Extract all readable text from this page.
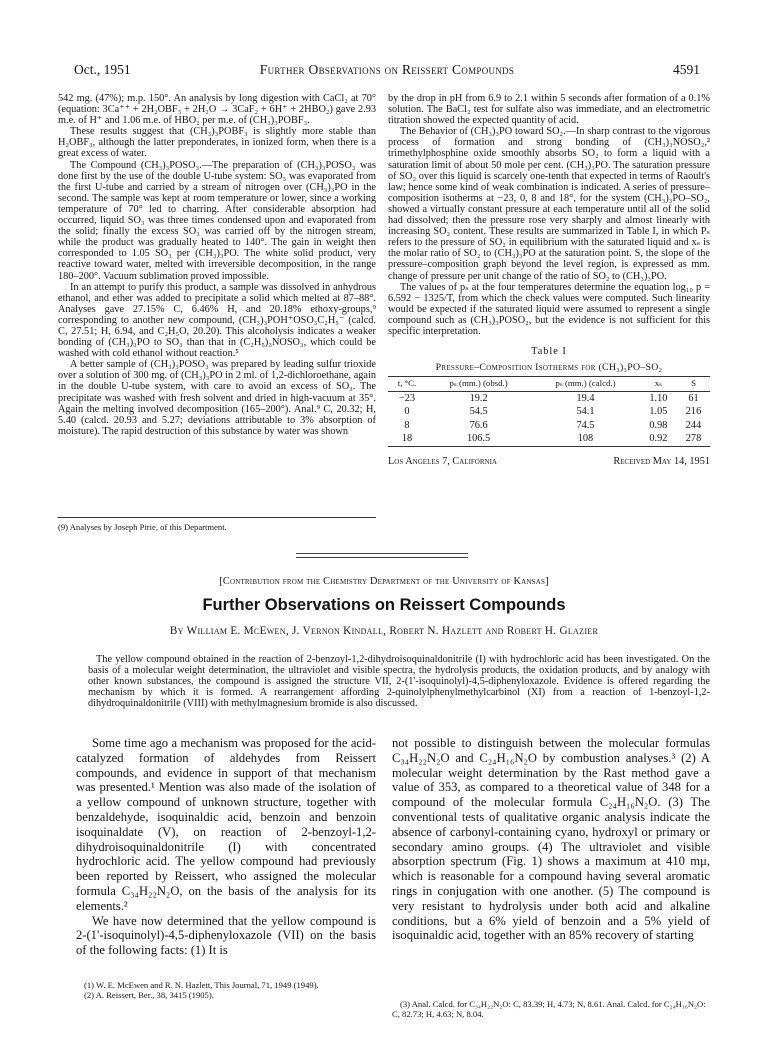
Oct., 1951	Further Observations on Reissert Compounds	4591

542 mg. (47%); m.p. 150°. An analysis by long digestion with CaCl₂ at 70° (equation: 3Ca⁺⁺ + 2H₂OBF₃ + 2H₂O → 3CaF₂ + 6H⁺ + 2HBO₂) gave 2.93 m.e. of H⁺ and 1.06 m.e. of HBO₂ per m.e. of (CH₃)₃POBF₃.

These results suggest that (CH₃)₃POBF₃ is slightly more stable than H₂OBF₃, although the latter preponderates, in ionized form, when there is a great excess of water.

The Compound (CH₃)₃POSO₃.—The preparation of (CH₃)₃POSO₃ was done first by the use of the double U-tube system: SO₃ was evaporated from the first U-tube and carried by a stream of nitrogen over (CH₃)₃PO in the second. The sample was kept at room temperature or lower, since a working temperature of 70° led to charring. After considerable absorption had occurred, liquid SO₃ was three times condensed upon and evaporated from the solid; finally the excess SO₃ was carried off by the nitrogen stream, while the product was gradually heated to 140°. The gain in weight then corresponded to 1.05 SO₃ per (CH₃)₃PO. The white solid product, very reactive toward water, melted with irreversible decomposition, in the range 180–200°. Vacuum sublimation proved impossible.

In an attempt to purify this product, a sample was dissolved in anhydrous ethanol, and ether was added to precipitate a solid which melted at 87–88°. Analyses gave 27.15% C, 6.46% H, and 20.18% ethoxy-groups,⁹ corresponding to another new compound, (CH₃)₃POH⁺OSO₃C₂H₅⁻ (calcd. C, 27.51; H, 6.94, and C₂H₅O, 20.20). This alcoholysis indicates a weaker bonding of (CH₃)₃PO to SO₃ than that in (C₂H₅)₃NOSO₃, which could be washed with cold ethanol without reaction.⁵

A better sample of (CH₃)₃POSO₃ was prepared by leading sulfur trioxide over a solution of 300 mg. of (CH₃)₃PO in 2 ml. of 1,2-dichloroethane, again in the double U-tube system, with care to avoid an excess of SO₃. The precipitate was washed with fresh solvent and dried in high-vacuum at 35°. Again the melting involved decomposition (165–200°). Anal.⁹ C, 20.32; H, 5.40 (calcd. 20.93 and 5.27; deviations attributable to 3% absorption of moisture). The rapid destruction of this substance by water was shown

(9) Analyses by Joseph Pirie, of this Department.

by the drop in pH from 6.9 to 2.1 within 5 seconds after formation of a 0.1% solution. The BaCl₂ test for sulfate also was immediate, and an electrometric titration showed the expected quantity of acid.

The Behavior of (CH₃)₃PO toward SO₂.—In sharp contrast to the vigorous process of formation and strong bonding of (CH₃)₃NOSO₂,² trimethylphosphine oxide smoothly absorbs SO₂ to form a liquid with a saturation limit of about 50 mole per cent. (CH₃)₃PO. The saturation pressure of SO₂ over this liquid is scarcely one-tenth that expected in terms of Raoult's law; hence some kind of weak combination is indicated. A series of pressure–composition isotherms at −23, 0, 8 and 18°, for the system (CH₃)₃PO–SO₂, showed a virtually constant pressure at each temperature until all of the solid had dissolved; then the pressure rose very sharply and almost linearly with increasing SO₂ content. These results are summarized in Table I, in which Pₛ refers to the pressure of SO₂ in equilibrium with the saturated liquid and xₛ is the molar ratio of SO₂ to (CH₃)₃PO at the saturation point. S, the slope of the pressure–composition graph beyond the level region, is expressed as mm. change of pressure per unit change of the ratio of SO₂ to (CH₃)₃PO.

The values of pₛ at the four temperatures determine the equation log₁₀ p = 6.592 − 1325/T, from which the check values were computed. Such linearity would be expected if the saturated liquid were assumed to represent a single compound such as (CH₃)₃POSO₂, but the evidence is not sufficient for this specific interpretation.

Table I
Pressure–Composition Isotherms for (CH₃)₃PO–SO₂
t, °C.	pₛ (mm.) (obsd.)	pₛ (mm.) (calcd.)	xₛ	S
−23	19.2	19.4	1.10	61
0	54.5	54.1	1.05	216
8	76.6	74.5	0.98	244
18	106.5	108	0.92	278
Los Angeles 7, California	Received May 14, 1951
[Contribution from the Chemistry Department of the University of Kansas]
Further Observations on Reissert Compounds
By William E. McEwen, J. Vernon Kindall, Robert N. Hazlett and Robert H. Glazier
The yellow compound obtained in the reaction of 2-benzoyl-1,2-dihydroisoquinaldonitrile (I) with hydrochloric acid has been investigated. On the basis of a molecular weight determination, the ultraviolet and visible spectra, the hydrolysis products, the oxidation products, and by analogy with other known substances, the compound is assigned the structure VII, 2-(1'-isoquinolyl)-4,5-diphenyloxazole. Evidence is offered regarding the mechanism by which it is formed. A rearrangement affording 2-quinolylphenylmethylcarbinol (XI) from a reaction of 1-benzoyl-1,2-dihydroquinaldonitrile (VIII) with methylmagnesium bromide is also discussed.

Some time ago a mechanism was proposed for the acid-catalyzed formation of aldehydes from Reissert compounds, and evidence in support of that mechanism was presented.¹ Mention was also made of the isolation of a yellow compound of unknown structure, together with benzaldehyde, isoquinaldic acid, benzoin and benzoin isoquinaldate (V), on reaction of 2-benzoyl-1,2-dihydroisoquinaldonitrile (I) with concentrated hydrochloric acid. The yellow compound had previously been reported by Reissert, who assigned the molecular formula C₃₄H₂₂N₂O, on the basis of the analysis for its elements.²

We have now determined that the yellow compound is 2-(1'-isoquinolyl)-4,5-diphenyloxazole (VII) on the basis of the following facts: (1) It is

(1) W. E. McEwen and R. N. Hazlett, This Journal, 71, 1949 (1949).
(2) A. Reissert, Ber., 38, 3415 (1905).

not possible to distinguish between the molecular formulas C₃₄H₂₂N₂O and C₂₄H₁₆N₂O by combustion analyses.³ (2) A molecular weight determination by the Rast method gave a value of 353, as compared to a theoretical value of 348 for a compound of the molecular formula C₂₄H₁₆N₂O. (3) The conventional tests of qualitative organic analysis indicate the absence of carbonyl-containing cyano, hydroxyl or primary or secondary amino groups. (4) The ultraviolet and visible absorption spectrum (Fig. 1) shows a maximum at 410 mμ, which is reasonable for a compound having several aromatic rings in conjugation with one another. (5) The compound is very resistant to hydrolysis under both acid and alkaline conditions, but a 6% yield of benzoin and a 5% yield of isoquinaldic acid, together with an 85% recovery of starting

(3) Anal. Calcd. for C₃₄H₂₂N₂O: C, 83.39; H, 4.73; N, 8.61. Anal. Calcd. for C₂₄H₁₆N₂O: C, 82.73; H, 4.63; N, 8.04.
